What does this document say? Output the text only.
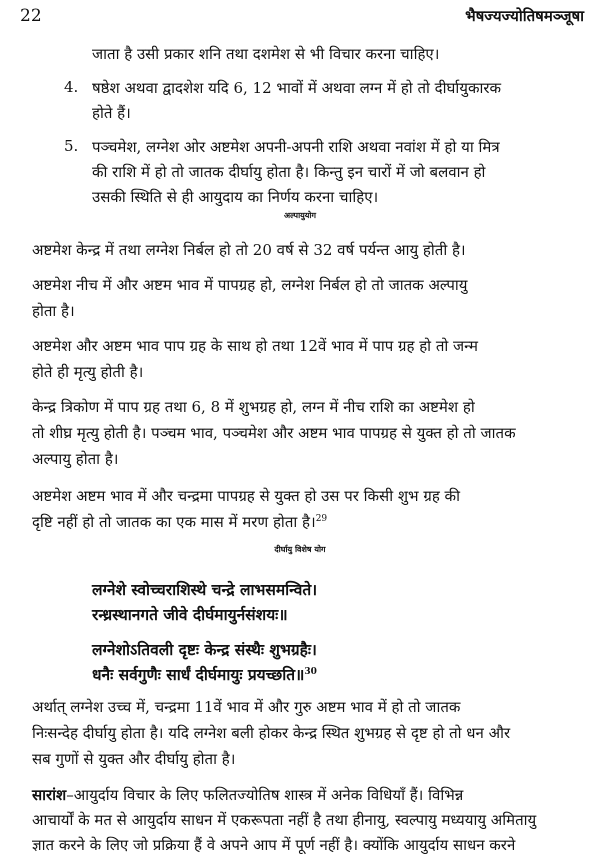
22	भैषज्यज्योतिषमञ्जूषा
जाता है उसी प्रकार शनि तथा दशमेश से भी विचार करना चाहिए।
4. षष्ठेश अथवा द्वादशेश यदि 6, 12 भावों में अथवा लग्न में हो तो दीर्घायुकारक
होते हैं।
5. पञ्चमेश, लग्नेश ओर अष्टमेश अपनी-अपनी राशि अथवा नवांश में हो या मित्र
की राशि में हो तो जातक दीर्घायु होता है। किन्तु इन चारों में जो बलवान हो
उसकी स्थिति से ही आयुदाय का निर्णय करना चाहिए।
अल्पायुयोग
अष्टमेश केन्द्र में तथा लग्नेश निर्बल हो तो 20 वर्ष से 32 वर्ष पर्यन्त आयु होती है।
अष्टमेश नीच में और अष्टम भाव में पापग्रह हो, लग्नेश निर्बल हो तो जातक अल्पायु
होता है।
अष्टमेश और अष्टम भाव पाप ग्रह के साथ हो तथा 12वें भाव में पाप ग्रह हो तो जन्म
होते ही मृत्यु होती है।
केन्द्र त्रिकोण में पाप ग्रह तथा 6, 8 में शुभग्रह हो, लग्न में नीच राशि का अष्टमेश हो
तो शीघ्र मृत्यु होती है। पञ्चम भाव, पञ्चमेश और अष्टम भाव पापग्रह से युक्त हो तो जातक
अल्पायु होता है।
अष्टमेश अष्टम भाव में और चन्द्रमा पापग्रह से युक्त हो उस पर किसी शुभ ग्रह की
दृष्टि नहीं हो तो जातक का एक मास में मरण होता है।$^{29}$
दीर्घायु विशेष योग
लग्नेशे स्वोच्चराशिस्थे चन्द्रे लाभसमन्विते।
रन्ध्रस्थानगते जीवे दीर्घमायुर्नसंशयः॥
लग्नेशोऽतिवली दृष्टः केन्द्र संस्थैः शुभग्रहैः।
धनैः सर्वगुणैः सार्धं दीर्घमायुः प्रयच्छति॥$^{30}$
अर्थात् लग्नेश उच्च में, चन्द्रमा 11वें भाव में और गुरु अष्टम भाव में हो तो जातक
निःसन्देह दीर्घायु होता है। यदि लग्नेश बली होकर केन्द्र स्थित शुभग्रह से दृष्ट हो तो धन और
सब गुणों से युक्त और दीर्घायु होता है।
सारांश–आयुर्दाय विचार के लिए फलितज्योतिष शास्त्र में अनेक विधियाँ हैं। विभिन्न
आचार्यों के मत से आयुर्दाय साधन में एकरूपता नहीं है तथा हीनायु, स्वल्पायु मध्ययायु अमितायु
ज्ञात करने के लिए जो प्रक्रिया हैं वे अपने आप में पूर्ण नहीं है। क्योंकि आयुर्दाय साधन करने
